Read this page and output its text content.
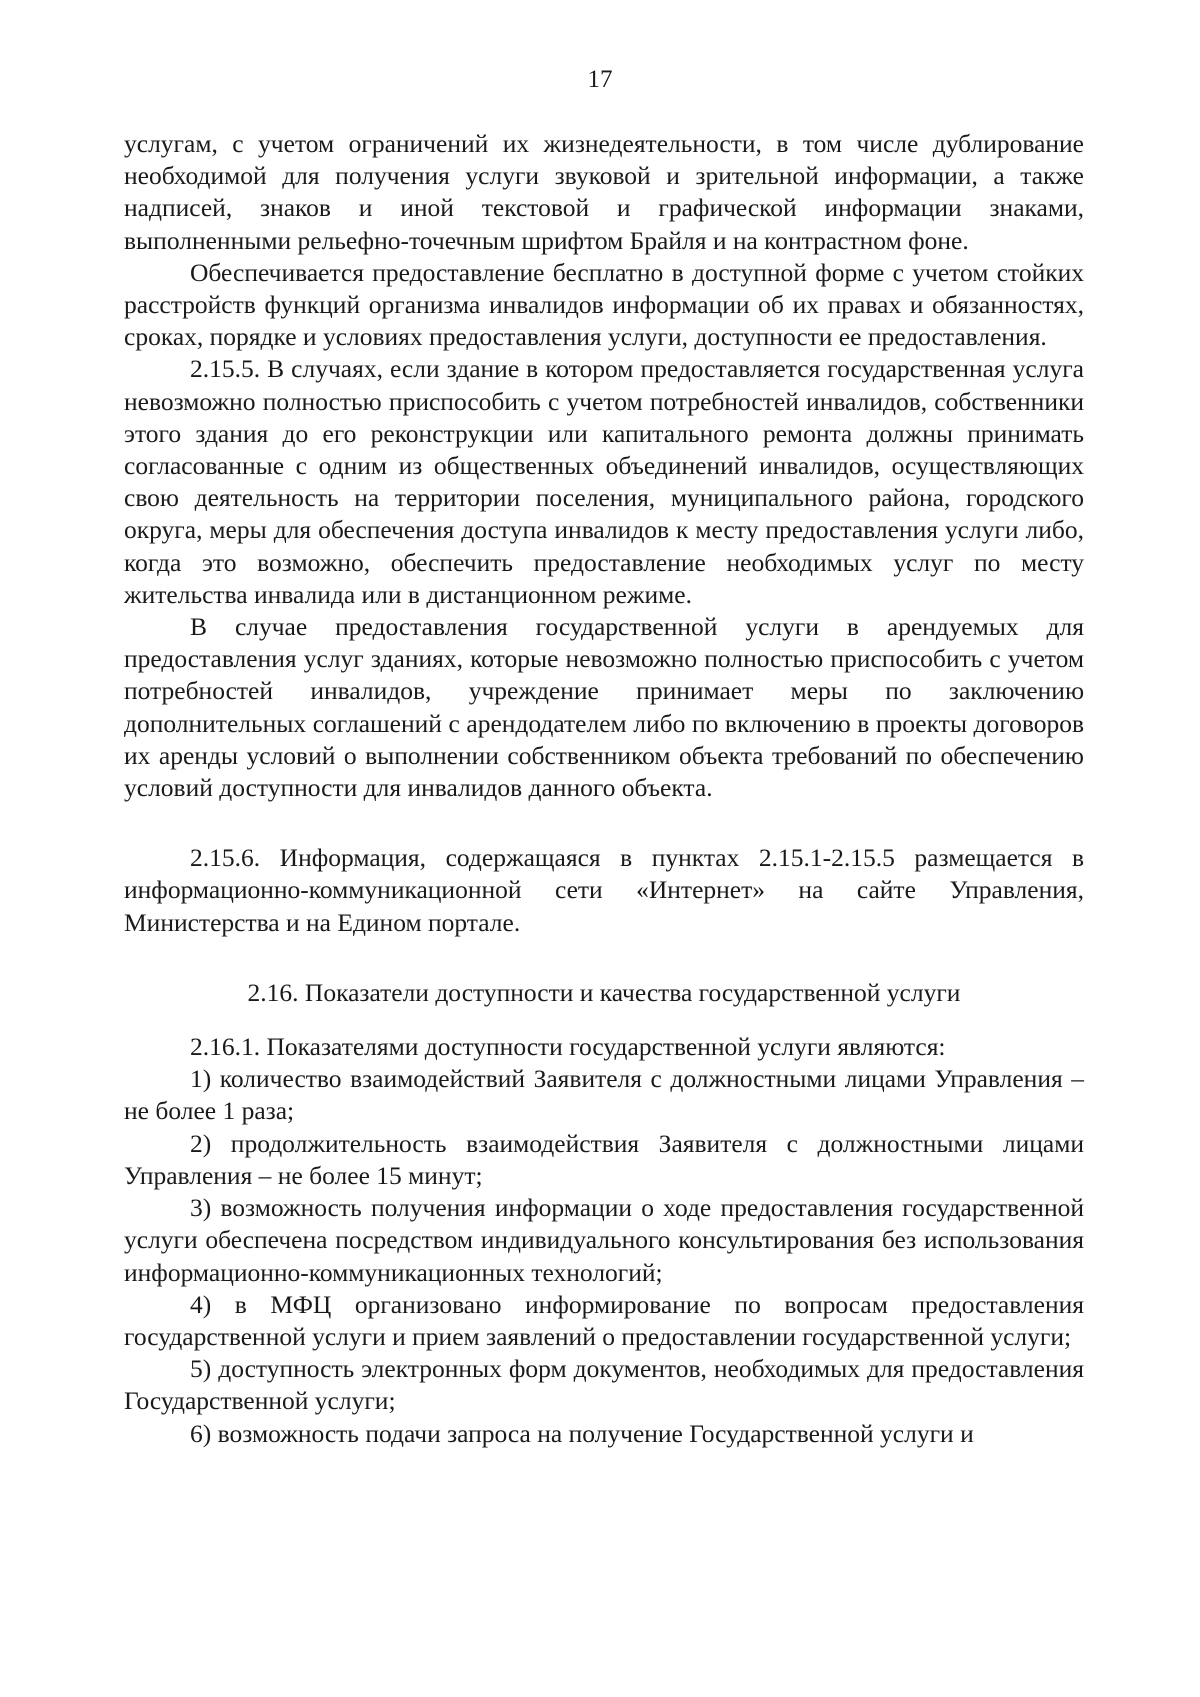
17

услугам, с учетом ограничений их жизнедеятельности, в том числе дублирование необходимой для получения услуги звуковой и зрительной информации, а также надписей, знаков и иной текстовой и графической информации знаками, выполненными рельефно-точечным шрифтом Брайля и на контрастном фоне.

Обеспечивается предоставление бесплатно в доступной форме с учетом стойких расстройств функций организма инвалидов информации об их правах и обязанностях, сроках, порядке и условиях предоставления услуги, доступности ее предоставления.

2.15.5. В случаях, если здание в котором предоставляется государственная услуга невозможно полностью приспособить с учетом потребностей инвалидов, собственники этого здания до его реконструкции или капитального ремонта должны принимать согласованные с одним из общественных объединений инвалидов, осуществляющих свою деятельность на территории поселения, муниципального района, городского округа, меры для обеспечения доступа инвалидов к месту предоставления услуги либо, когда это возможно, обеспечить предоставление необходимых услуг по месту жительства инвалида или в дистанционном режиме.

В случае предоставления государственной услуги в арендуемых для предоставления услуг зданиях, которые невозможно полностью приспособить с учетом потребностей инвалидов, учреждение принимает меры по заключению дополнительных соглашений с арендодателем либо по включению в проекты договоров их аренды условий о выполнении собственником объекта требований по обеспечению условий доступности для инвалидов данного объекта.

2.15.6. Информация, содержащаяся в пунктах 2.15.1-2.15.5 размещается в информационно-коммуникационной сети «Интернет» на сайте Управления, Министерства и на Едином портале.

2.16. Показатели доступности и качества государственной услуги

2.16.1. Показателями доступности государственной услуги являются:

1) количество взаимодействий Заявителя с должностными лицами Управления – не более 1 раза;

2) продолжительность взаимодействия Заявителя с должностными лицами Управления – не более 15 минут;

3) возможность получения информации о ходе предоставления государственной услуги обеспечена посредством индивидуального консультирования без использования информационно-коммуникационных технологий;

4) в МФЦ организовано информирование по вопросам предоставления государственной услуги и прием заявлений о предоставлении государственной услуги;

5) доступность электронных форм документов, необходимых для предоставления Государственной услуги;

6) возможность подачи запроса на получение Государственной услуги и
